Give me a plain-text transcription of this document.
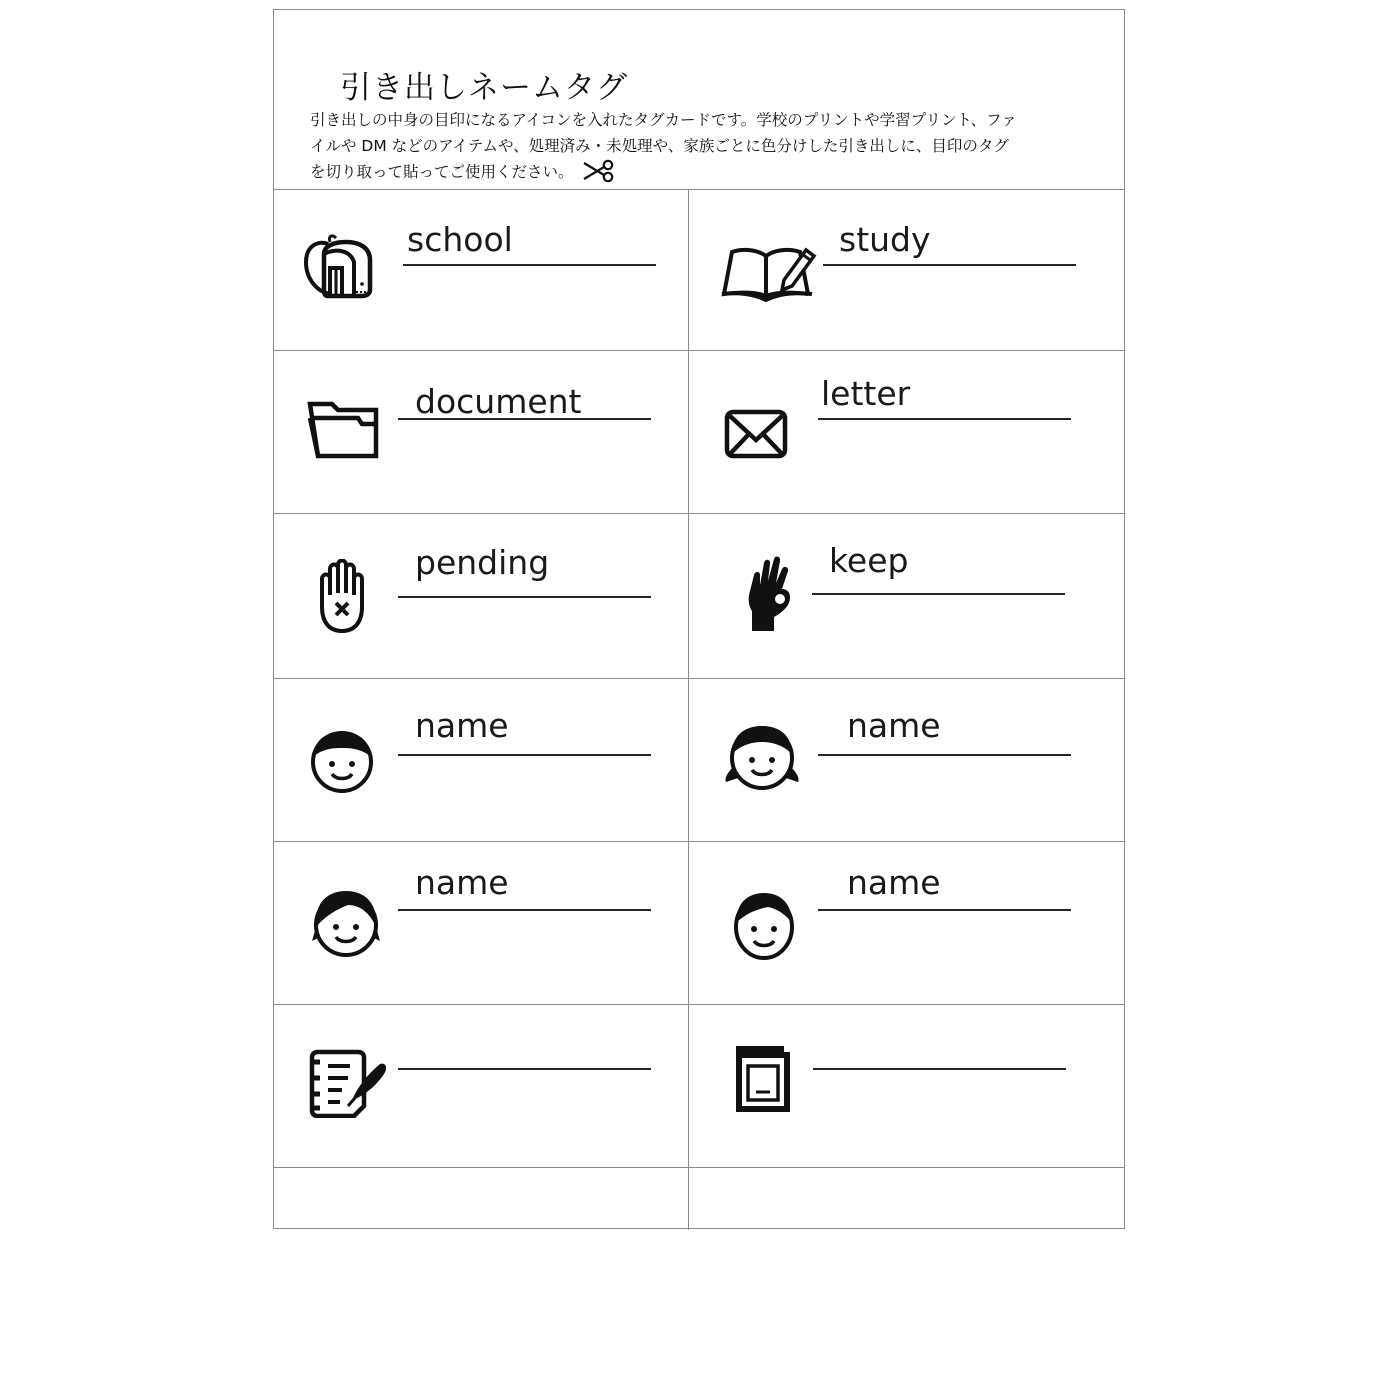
引き出しネームタグ
引き出しの中身の目印になるアイコンを入れたタグカードです。学校のプリントや学習プリント、ファ
イルや DM などのアイテムや、処理済み・未処理や、家族ごとに色分けした引き出しに、目印のタグ
を切り取って貼ってご使用ください。
school	study
document	letter
pending	keep
name	name
name	name
